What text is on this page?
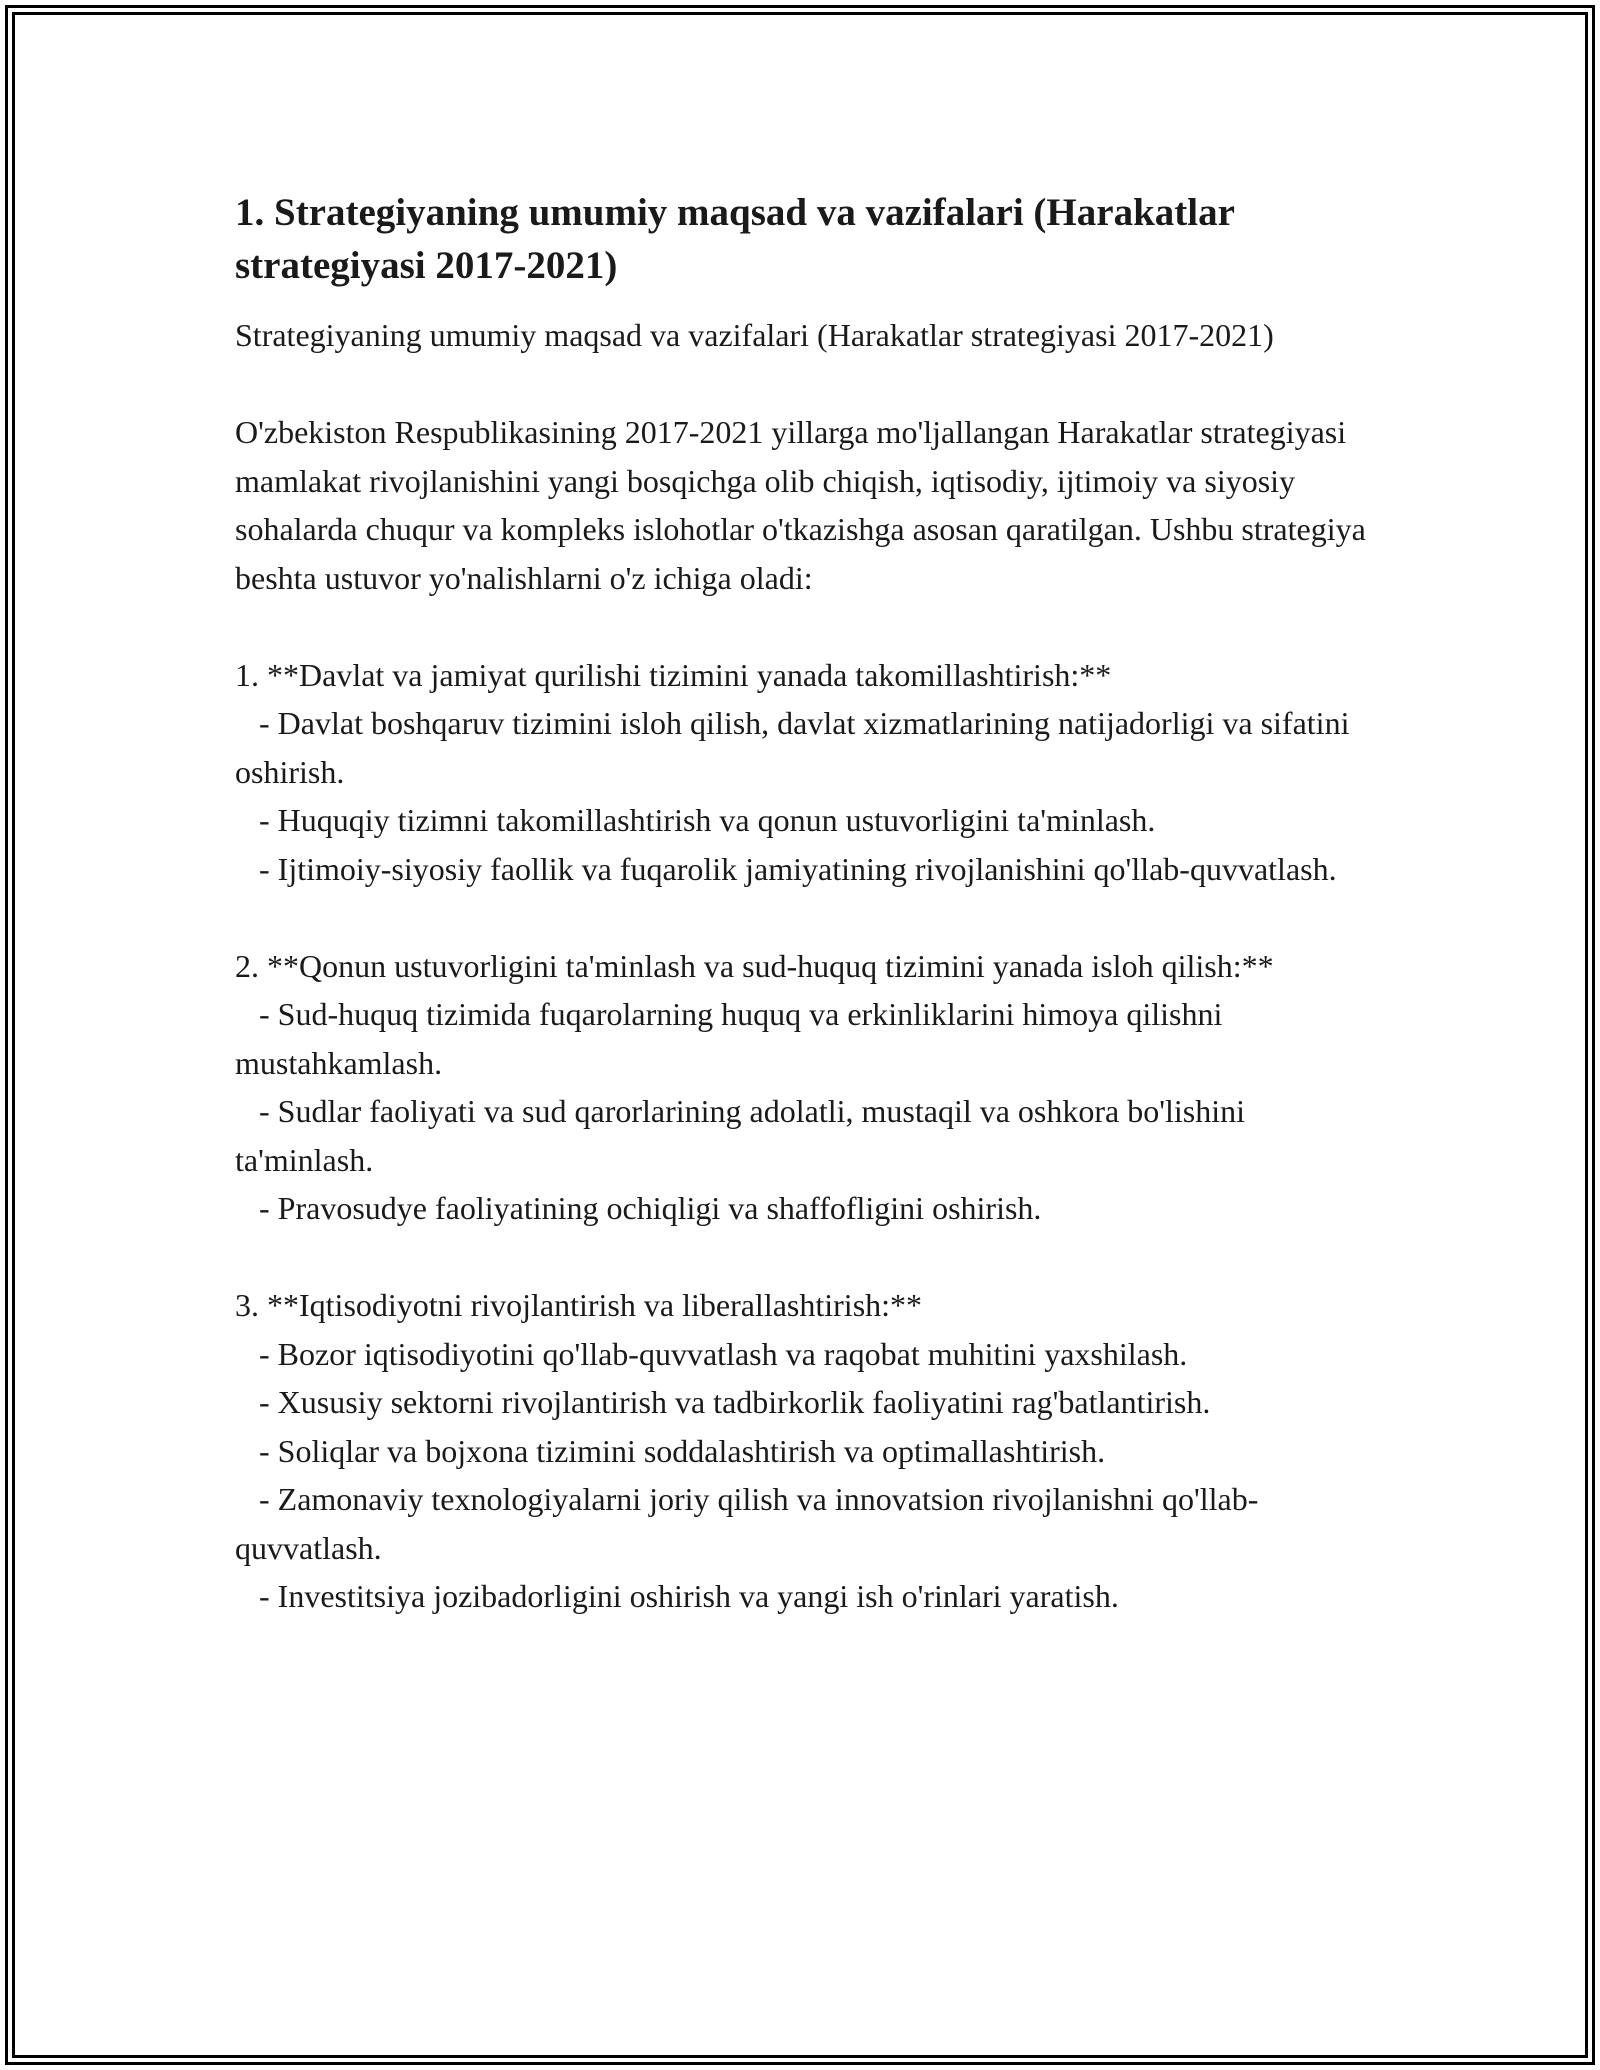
1. Strategiyaning umumiy maqsad va vazifalari (Harakatlar strategiyasi 2017-2021)

Strategiyaning umumiy maqsad va vazifalari (Harakatlar strategiyasi 2017-2021)

O'zbekiston Respublikasining 2017-2021 yillarga mo'ljallangan Harakatlar strategiyasi mamlakat rivojlanishini yangi bosqichga olib chiqish, iqtisodiy, ijtimoiy va siyosiy sohalarda chuqur va kompleks islohotlar o'tkazishga asosan qaratilgan. Ushbu strategiya beshta ustuvor yo'nalishlarni o'z ichiga oladi:

1. **Davlat va jamiyat qurilishi tizimini yanada takomillashtirish:**
- Davlat boshqaruv tizimini isloh qilish, davlat xizmatlarining natijadorligi va sifatini oshirish.
- Huquqiy tizimni takomillashtirish va qonun ustuvorligini ta'minlash.
- Ijtimoiy-siyosiy faollik va fuqarolik jamiyatining rivojlanishini qo'llab-quvvatlash.
2. **Qonun ustuvorligini ta'minlash va sud-huquq tizimini yanada isloh qilish:**
- Sud-huquq tizimida fuqarolarning huquq va erkinliklarini himoya qilishni mustahkamlash.
- Sudlar faoliyati va sud qarorlarining adolatli, mustaqil va oshkora bo'lishini ta'minlash.
- Pravosudye faoliyatining ochiqligi va shaffofligini oshirish.
3. **Iqtisodiyotni rivojlantirish va liberallashtirish:**
- Bozor iqtisodiyotini qo'llab-quvvatlash va raqobat muhitini yaxshilash.
- Xususiy sektorni rivojlantirish va tadbirkorlik faoliyatini rag'batlantirish.
- Soliqlar va bojxona tizimini soddalashtirish va optimallashtirish.
- Zamonaviy texnologiyalarni joriy qilish va innovatsion rivojlanishni qo'llab-quvvatlash.
- Investitsiya jozibadorligini oshirish va yangi ish o'rinlari yaratish.
